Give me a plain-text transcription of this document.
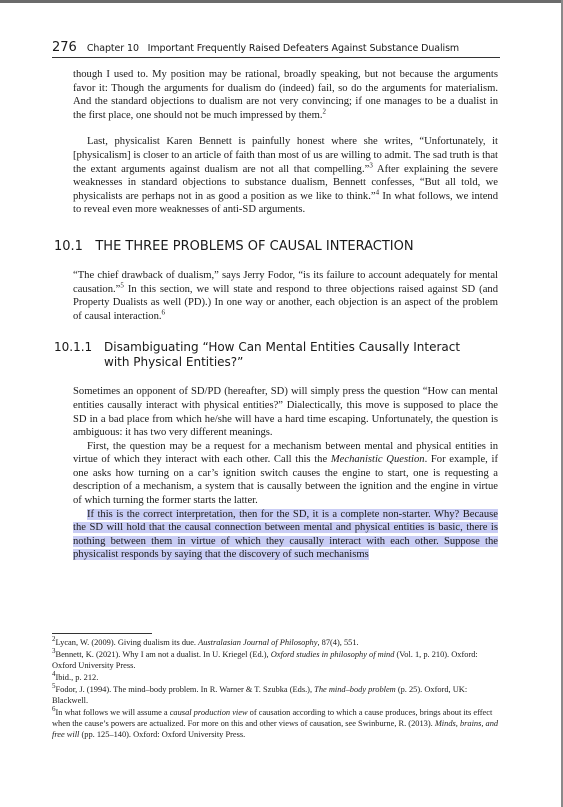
276 Chapter 10   Important Frequently Raised Defeaters Against Substance Dualism

though I used to. My position may be rational, broadly speaking, but not because the arguments favor it: Though the arguments for dualism do (indeed) fail, so do the arguments for materialism. And the standard objections to dualism are not very convincing; if one manages to be a dualist in the first place, one should not be much impressed by them.$^2$

Last, physicalist Karen Bennett is painfully honest where she writes, “Unfortunately, it [physicalism] is closer to an article of faith than most of us are willing to admit. The sad truth is that the extant arguments against dualism are not all that compelling.”$^3$ After explaining the severe weaknesses in standard objections to substance dualism, Bennett confesses, “But all told, we physicalists are perhaps not in as good a position as we like to think.”$^4$ In what follows, we intend to reveal even more weaknesses of anti-SD arguments.

10.1 THE THREE PROBLEMS OF CAUSAL INTERACTION

“The chief drawback of dualism,” says Jerry Fodor, “is its failure to account adequately for mental causation.”$^5$ In this section, we will state and respond to three objections raised against SD (and Property Dualists as well (PD).) In one way or another, each objection is an aspect of the problem of causal interaction.$^6$

10.1.1 Disambiguating “How Can Mental Entities Causally Interact with Physical Entities?”

Sometimes an opponent of SD/PD (hereafter, SD) will simply press the question “How can mental entities causally interact with physical entities?” Dialectically, this move is supposed to place the SD in a bad place from which he/she will have a hard time escaping. Unfortunately, the question is ambiguous: it has two very different meanings.

First, the question may be a request for a mechanism between mental and physical entities in virtue of which they interact with each other. Call this the Mechanistic Question. For example, if one asks how turning on a car’s ignition switch causes the engine to start, one is requesting a description of a mechanism, a system that is causally between the ignition and the engine in virtue of which turning the former starts the latter.

If this is the correct interpretation, then for the SD, it is a complete non-starter. Why? Because the SD will hold that the causal connection between mental and physical entities is basic, there is nothing between them in virtue of which they causally interact with each other. Suppose the physicalist responds by saying that the discovery of such mechanisms

$^2$Lycan, W. (2009). Giving dualism its due. Australasian Journal of Philosophy, 87(4), 551.

$^3$Bennett, K. (2021). Why I am not a dualist. In U. Kriegel (Ed.), Oxford studies in philosophy of mind (Vol. 1, p. 210). Oxford: Oxford University Press.

$^4$Ibid., p. 212.

$^5$Fodor, J. (1994). The mind–body problem. In R. Warner & T. Szubka (Eds.), The mind–body problem (p. 25). Oxford, UK: Blackwell.

$^6$In what follows we will assume a causal production view of causation according to which a cause produces, brings about its effect when the cause’s powers are actualized. For more on this and other views of causation, see Swinburne, R. (2013). Minds, brains, and free will (pp. 125–140). Oxford: Oxford University Press.
